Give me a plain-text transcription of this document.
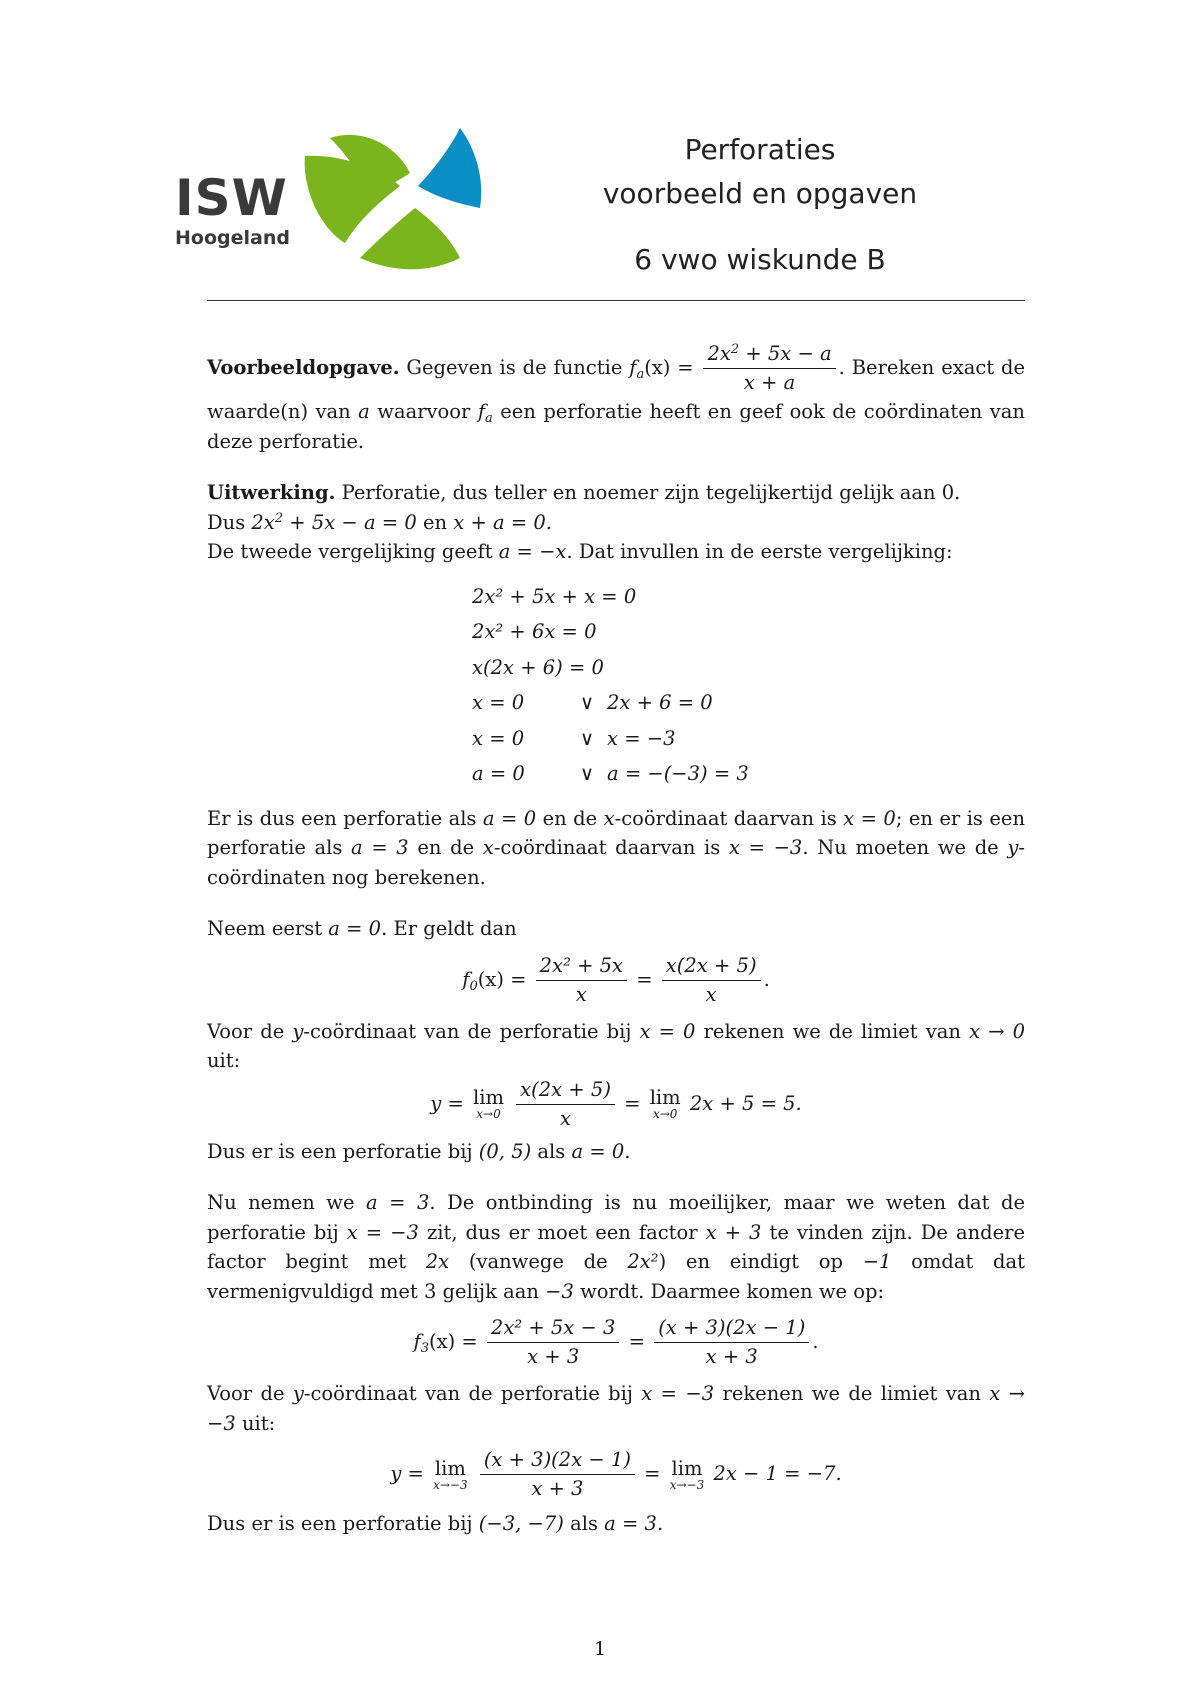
ISW
Hoogeland
Perforaties
voorbeeld en opgaven
6 vwo wiskunde B

Voorbeeldopgave. Gegeven is de functie $f_a(x) = \frac{2x^2 + 5x - a}{x + a}$ . Bereken exact de waarde(n) van a waarvoor $f_a$ een perforatie heeft en geef ook de coördinaten van deze perforatie.

Uitwerking. Perforatie, dus teller en noemer zijn tegelijkertijd gelijk aan 0.
Dus $2x^2 + 5x - a = 0$ en x + a = 0.
De tweede vergelijking geeft a = −x. Dat invullen in de eerste vergelijking:

2x² + 5x + x = 0
2x² + 6x = 0
x(2x + 6) = 0
x = 0	∨ 2x + 6 = 0
x = 0	∨ x = −3
a = 0	∨ a = −(−3) = 3

Er is dus een perforatie als a = 0 en de x-coördinaat daarvan is x = 0; en er is een perforatie als a = 3 en de x-coördinaat daarvan is x = −3. Nu moeten we de y-coördinaten nog berekenen.

Neem eerst a = 0. Er geldt dan

$f_0(x) = \frac{\text{2x² + 5x}}{x} = \frac{x(2x + 5)}{x}$ .

Voor de y-coördinaat van de perforatie bij x = 0 rekenen we de limiet van x → 0 uit:

y = lim
x→0
$\frac{x(2x + 5)}{x} = \lim$
x→0 2x + 5 = 5.

Dus er is een perforatie bij (0, 5) als a = 0.

Nu nemen we a = 3. De ontbinding is nu moeilijker, maar we weten dat de perforatie bij x = −3 zit, dus er moet een factor x + 3 te vinden zijn. De andere factor begint met 2x (vanwege de 2x²) en eindigt op −1 omdat dat vermenigvuldigd met 3 gelijk aan −3 wordt. Daarmee komen we op:

$f_3(x) = \frac{\text{2x² + 5x − 3}}{x + 3} = \frac{(x + 3)(2x - 1)}{x + 3}$ .

Voor de y-coördinaat van de perforatie bij x = −3 rekenen we de limiet van x → −3 uit:

y = lim
x→−3
$\frac{(x + 3)(2x - 1)}{x + 3} = \lim$
x→−3 2x − 1 = −7.

Dus er is een perforatie bij (−3, −7) als a = 3.

1
